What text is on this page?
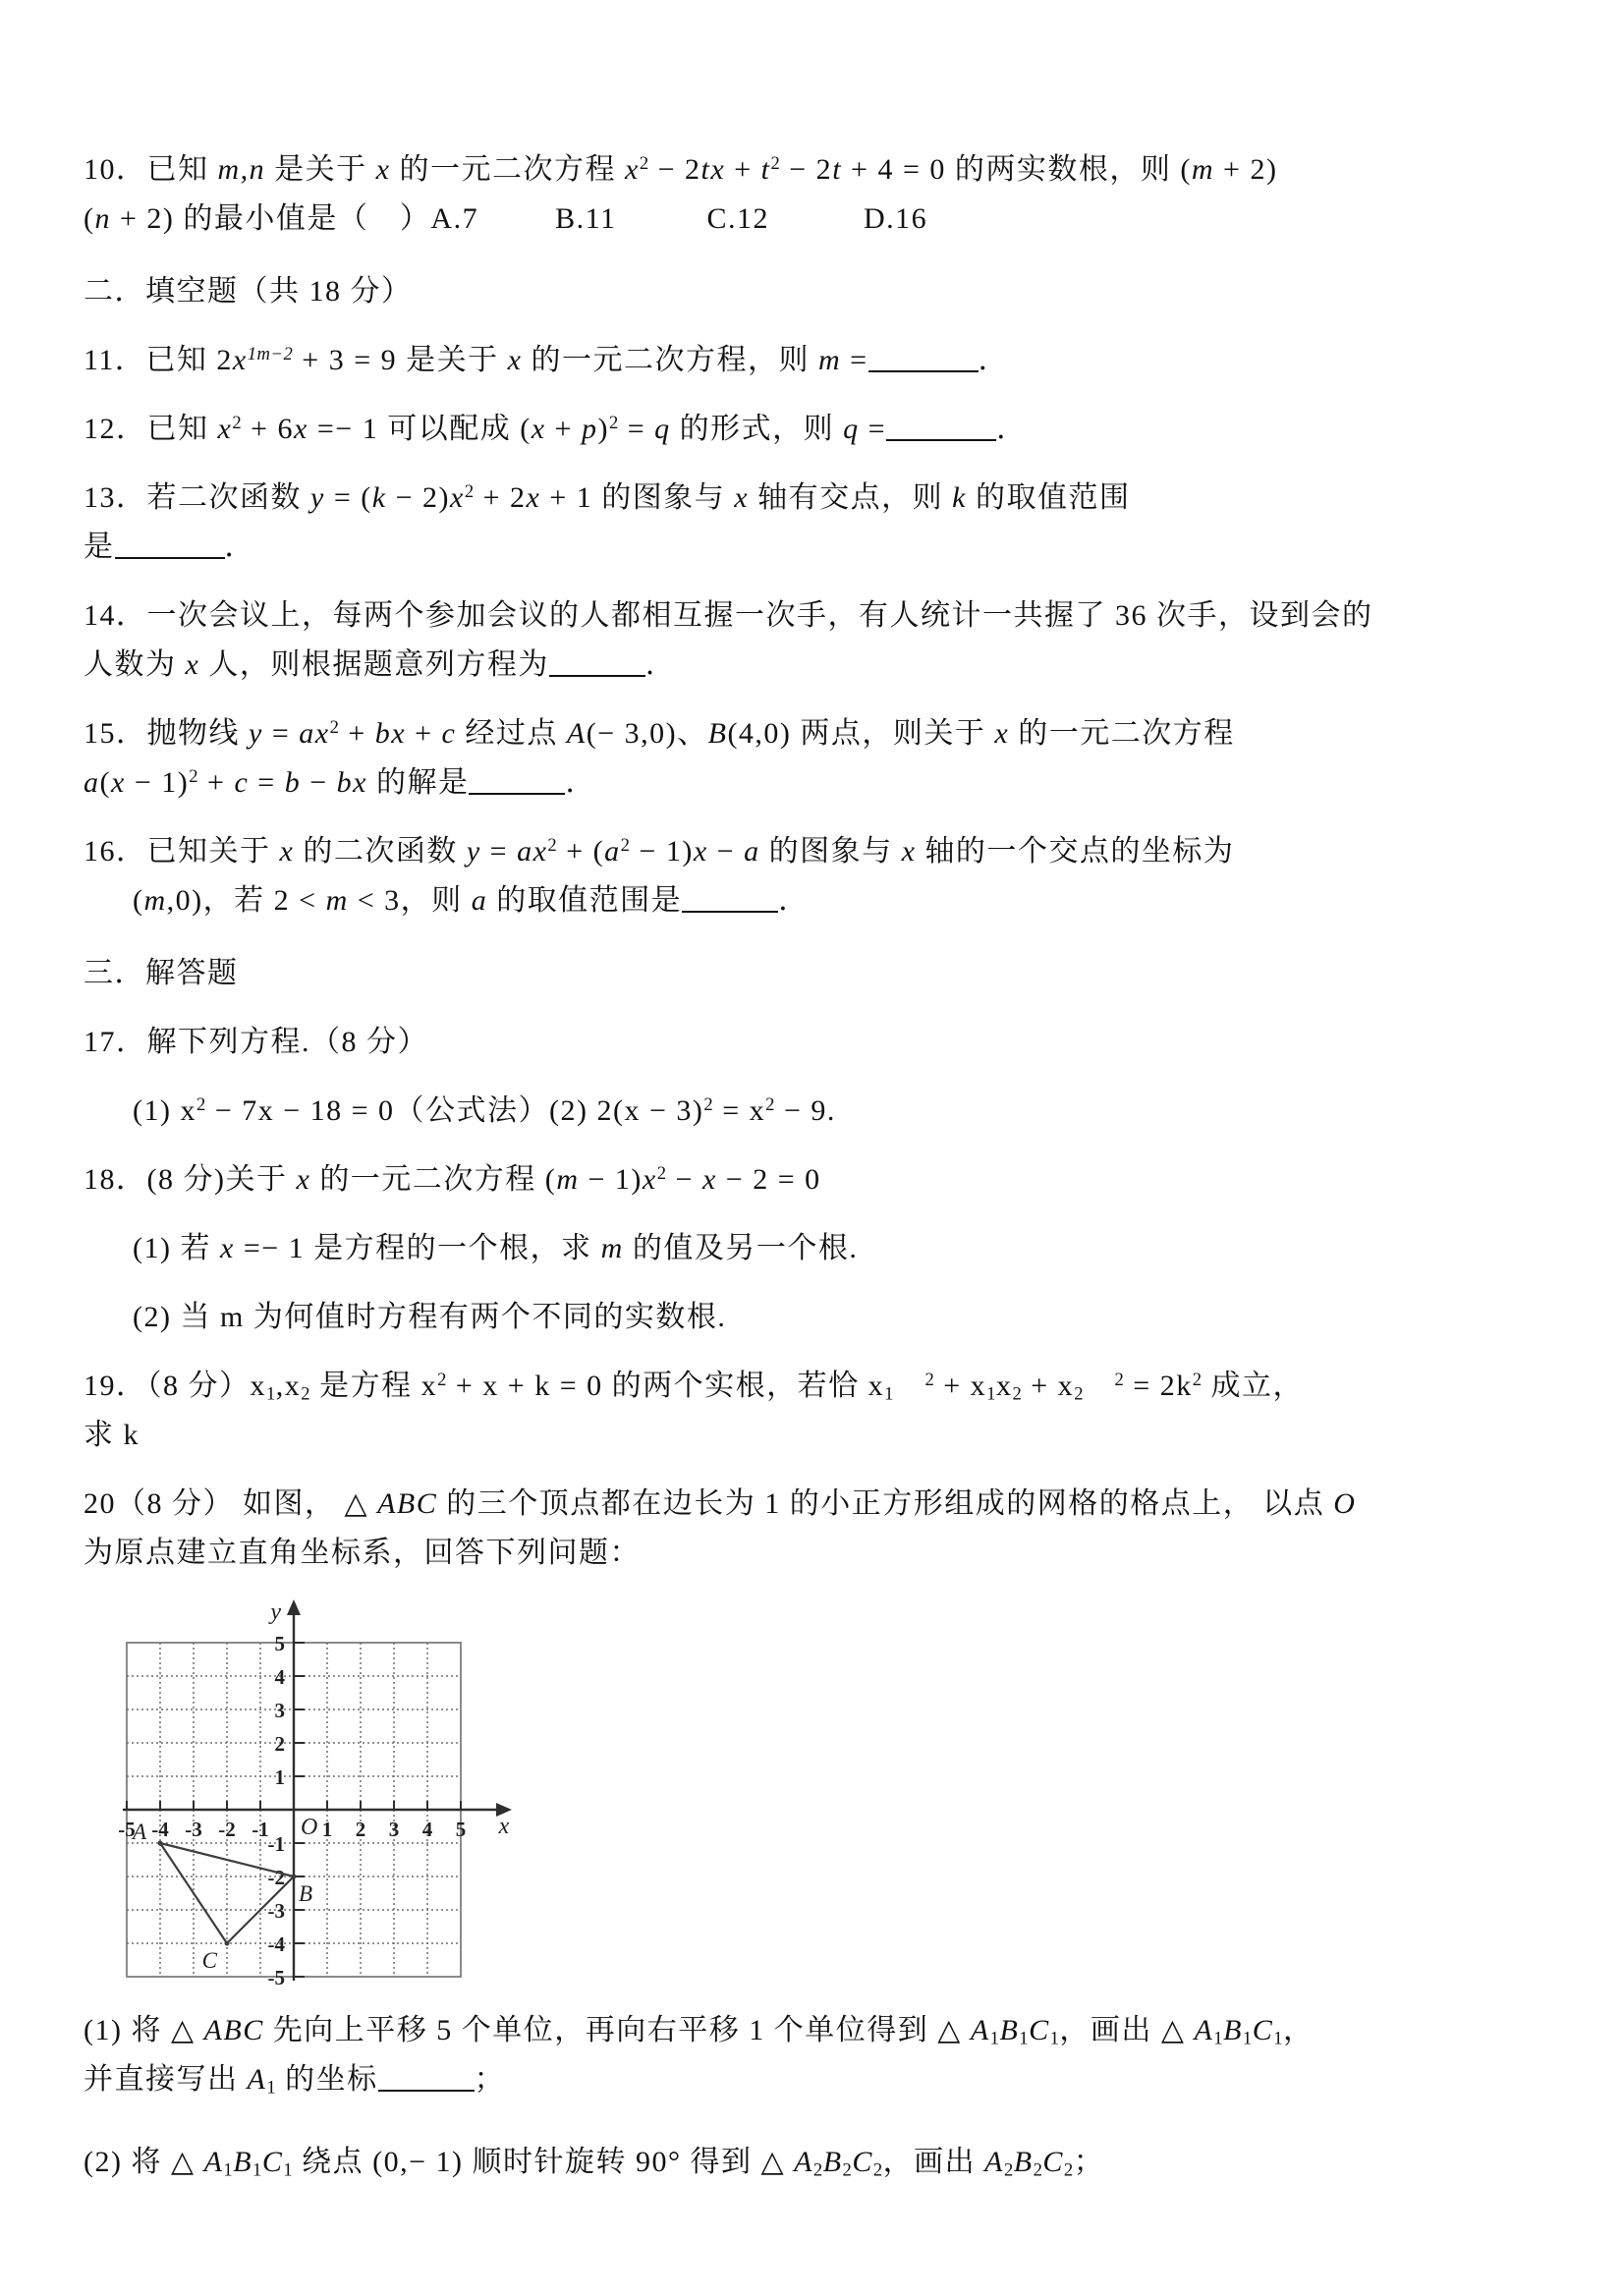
10．已知 m,n 是关于 x 的一元二次方程 $x^2 - 2tx + t^2 - 2t + 4 = 0$ 的两实数根，则 (m + 2)

(n + 2) 的最小值是（　）A.7	B.11	C.12	D.16

二．填空题（共 18 分）

11．已知 $2x^{1m-2} + 3 = 9$ 是关于 x 的一元二次方程，则 m =	．

12．已知 $x^2 + 6x =- 1$ 可以配成 $(x + p)^2 = q$ 的形式，则 q =	．

13．若二次函数 $y = (k - 2)x^2 + 2x + 1$ 的图象与 x 轴有交点，则 k 的取值范围

是	．

14．一次会议上，每两个参加会议的人都相互握一次手，有人统计一共握了 36 次手，设到会的

人数为 x 人，则根据题意列方程为	．

15．抛物线 $y = ax^2$ + bx + c 经过点 A(− 3,0)、B(4,0) 两点，则关于 x 的一元二次方程

$a(x - 1)^2 + c = b$ − bx 的解是	．

16．已知关于 x 的二次函数 $y = ax^2 + (a^2 - 1)x - a$ 的图象与 x 轴的一个交点的坐标为

(m,0)，若 2 < m < 3，则 a 的取值范围是	．

三．解答题

17．解下列方程.（8 分）

(1) $x^2 - 7x - 18 = 0$（公式法）(2) $2(x - 3)^2 = x^2 - 9$.

18．(8 分)关于 x 的一元二次方程 $(m - 1)x^2 - x - 2 = 0$

(1) 若 x =− 1 是方程的一个根，求 m 的值及另一个根.

(2) 当 m 为何值时方程有两个不同的实数根.

19．（8 分）$x_1,x_2$ 是方程 $x^2 + x + k = 0$ 的两个实根，若恰 $x_1$　$^2 + x_1x_2 + x_2$　$^2 = 2k^2$ 成立，

求 k

20（8 分） 如图， △ ABC 的三个顶点都在边长为 1 的小正方形组成的网格的格点上， 以点 O

为原点建立直角坐标系，回答下列问题：

5
4
3
2
1
-1
-2
-3
-4
-5
-5 -4 -3 -2 -1	1 2 3 4 5
y
x
O
A
B
C

(1) 将 △ ABC 先向上平移 5 个单位，再向右平移 1 个单位得到 △ $A_1B_1C_1$，画出 △ $A_1B_1C_1$，

并直接写出 $A_1$ 的坐标	；

(2) 将 △ $A_1B_1C_1$ 绕点 (0,− 1) 顺时针旋转 90° 得到 △ $A_2B_2C_2$，画出 $A_2B_2C_2$；
